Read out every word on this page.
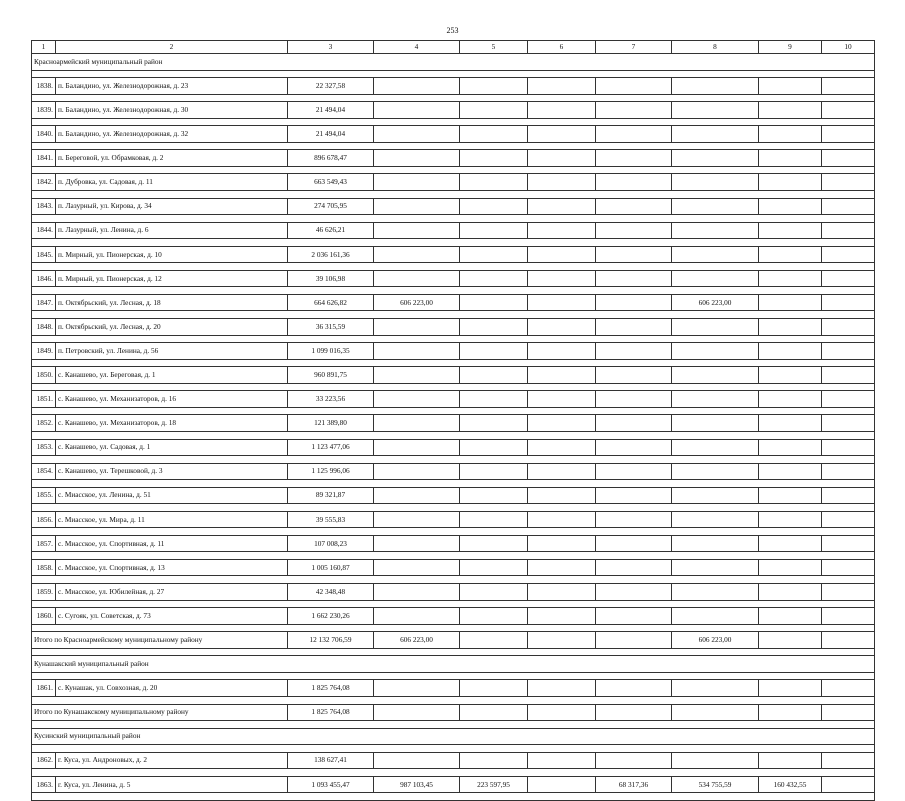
253
1	2	3	4	5	6	7	8	9	10
Красноармейский муниципальный район									

1838.	п. Баландино, ул. Железнодорожная, д. 23	22 327,58							

1839.	п. Баландино, ул. Железнодорожная, д. 30	21 494,04							

1840.	п. Баландино, ул. Железнодорожная, д. 32	21 494,04							

1841.	п. Береговой, ул. Обрамковая, д. 2	896 678,47							

1842.	п. Дубровка, ул. Садовая, д. 11	663 549,43							

1843.	п. Лазурный, ул. Кирова, д. 34	274 705,95							

1844.	п. Лазурный, ул. Ленина, д. 6	46 626,21							

1845.	п. Мирный, ул. Пионерская, д. 10	2 036 161,36							

1846.	п. Мирный, ул. Пионерская, д. 12	39 106,98							

1847.	п. Октябрьский, ул. Лесная, д. 18	664 626,82	606 223,00				606 223,00		

1848.	п. Октябрьский, ул. Лесная, д. 20	36 315,59							

1849.	п. Петровский, ул. Ленина, д. 56	1 099 016,35							

1850.	с. Канашево, ул. Береговая, д. 1	960 891,75							

1851.	с. Канашево, ул. Механизаторов, д. 16	33 223,56							

1852.	с. Канашево, ул. Механизаторов, д. 18	121 389,80							

1853.	с. Канашево, ул. Садовая, д. 1	1 123 477,06							

1854.	с. Канашево, ул. Терешковой, д. 3	1 125 996,06							

1855.	с. Миасское, ул. Ленина, д. 51	89 321,87							

1856.	с. Миасское, ул. Мира, д. 11	39 555,83							

1857.	с. Миасское, ул. Спортивная, д. 11	107 008,23							

1858.	с. Миасское, ул. Спортивная, д. 13	1 005 160,87							

1859.	с. Миасское, ул. Юбилейная, д. 27	42 348,48							

1860.	с. Сугояк, ул. Советская, д. 73	1 662 230,26							

Итого по Красноармейскому муниципальному району		12 132 706,59	606 223,00				606 223,00		

Кунашакский муниципальный район									

1861.	с. Кунашак, ул. Совхозная, д. 20	1 825 764,08							

Итого по Кунашакскому муниципальному району		1 825 764,08							

Кусинский муниципальный район									

1862.	г. Куса, ул. Андроновых, д. 2	138 627,41							

1863.	г. Куса, ул. Ленина, д. 5	1 093 455,47	987 103,45	223 597,95		68 317,36	534 755,59	160 432,55	
